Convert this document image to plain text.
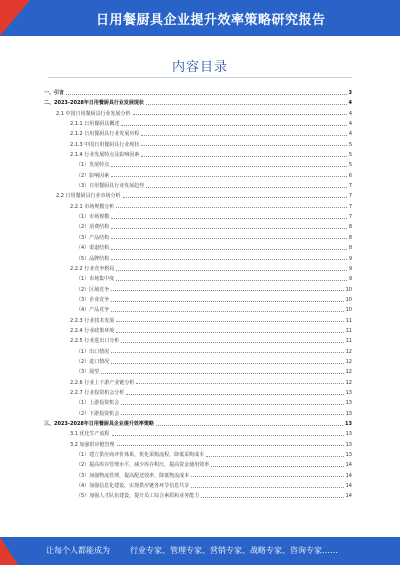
日用餐厨具企业提升效率策略研究报告
内容目录
一、引言	3
二、2023-2028年日用餐厨具行业发展现状	4
2.1 中国日用餐厨具行业发展分析	4
2.1.1 日用餐厨具概述	4
2.1.2 日用餐厨具行业发展历程	4
2.1.3 中国日用餐厨具行业现状	5
2.1.4 行业发展特点及影响因素	5
（1）发展特点	5
（2）影响因素	6
（3）日用餐厨具行业发展趋势	7
2.2 日用餐厨具行业市场分析	7
2.2.1 市场规模分析	7
（1）市场规模	7
（2）消费结构	8
（3）产品结构	8
（4）渠道结构	8
（5）品牌结构	9
2.2.2 行业竞争格局	9
（1）市场集中度	9
（2）区域竞争	10
（3）企业竞争	10
（4）产品竞争	10
2.2.3 行业技术发展	11
2.2.4 行业政策环境	11
2.2.5 行业进出口分析	11
（1）出口情况	12
（2）进口情况	12
（3）展望	12
2.2.6 行业上下游产业链分析	12
2.2.7 行业投资机会分析	13
（1）上游投资机会	13
（2）下游投资机会	13
三、2023-2028年日用餐厨具企业提升效率策略	13
3.1 优化生产流程	13
3.2 加强供应链管理	13
（1）建立供应商评价体系，优化采购流程，降低采购成本	13
（2）提高库存管理水平，减少库存积压，提高资金使用效率	14
（3）加强物流管理，提高配送效率，降低物流成本	14
（4）加强信息化建设，实现供应链各环节信息共享	14
（5）加强人才队伍建设，提升员工综合素质和业务能力	14
让每个人都能成为	行业专家、管理专家、营销专家、战略专家、咨询专家……
